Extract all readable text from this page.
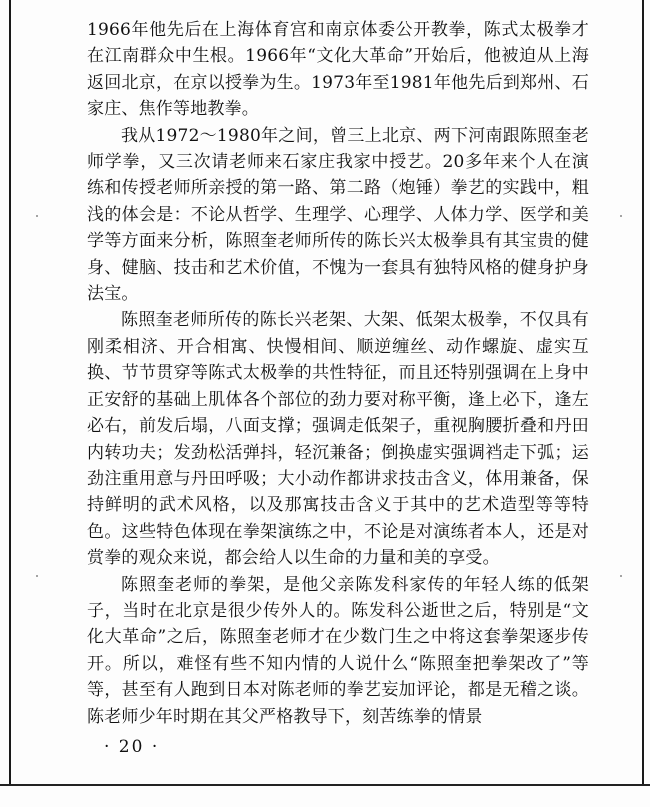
1966年他先后在上海体育宫和南京体委公开教拳，陈式太极拳才在江南群众中生根。1966年“文化大革命”开始后，他被迫从上海返回北京，在京以授拳为生。1973年至1981年他先后到郑州、石家庄、焦作等地教拳。

我从1972～1980年之间，曾三上北京、两下河南跟陈照奎老师学拳，又三次请老师来石家庄我家中授艺。20多年来个人在演练和传授老师所亲授的第一路、第二路（炮锤）拳艺的实践中，粗浅的体会是：不论从哲学、生理学、心理学、人体力学、医学和美学等方面来分析，陈照奎老师所传的陈长兴太极拳具有其宝贵的健身、健脑、技击和艺术价值，不愧为一套具有独特风格的健身护身法宝。

陈照奎老师所传的陈长兴老架、大架、低架太极拳，不仅具有刚柔相济、开合相寓、快慢相间、顺逆缠丝、动作螺旋、虚实互换、节节贯穿等陈式太极拳的共性特征，而且还特别强调在上身中正安舒的基础上肌体各个部位的劲力要对称平衡，逢上必下，逢左必右，前发后塌，八面支撑；强调走低架子，重视胸腰折叠和丹田内转功夫；发劲松活弹抖，轻沉兼备；倒换虚实强调裆走下弧；运劲注重用意与丹田呼吸；大小动作都讲求技击含义，体用兼备，保持鲜明的武术风格，以及那寓技击含义于其中的艺术造型等等特色。这些特色体现在拳架演练之中，不论是对演练者本人，还是对赏拳的观众来说，都会给人以生命的力量和美的享受。

陈照奎老师的拳架，是他父亲陈发科家传的年轻人练的低架子，当时在北京是很少传外人的。陈发科公逝世之后，特别是“文化大革命”之后，陈照奎老师才在少数门生之中将这套拳架逐步传开。所以，难怪有些不知内情的人说什么“陈照奎把拳架改了”等等，甚至有人跑到日本对陈老师的拳艺妄加评论，都是无稽之谈。陈老师少年时期在其父严格教导下，刻苦练拳的情景

· 20 ·
